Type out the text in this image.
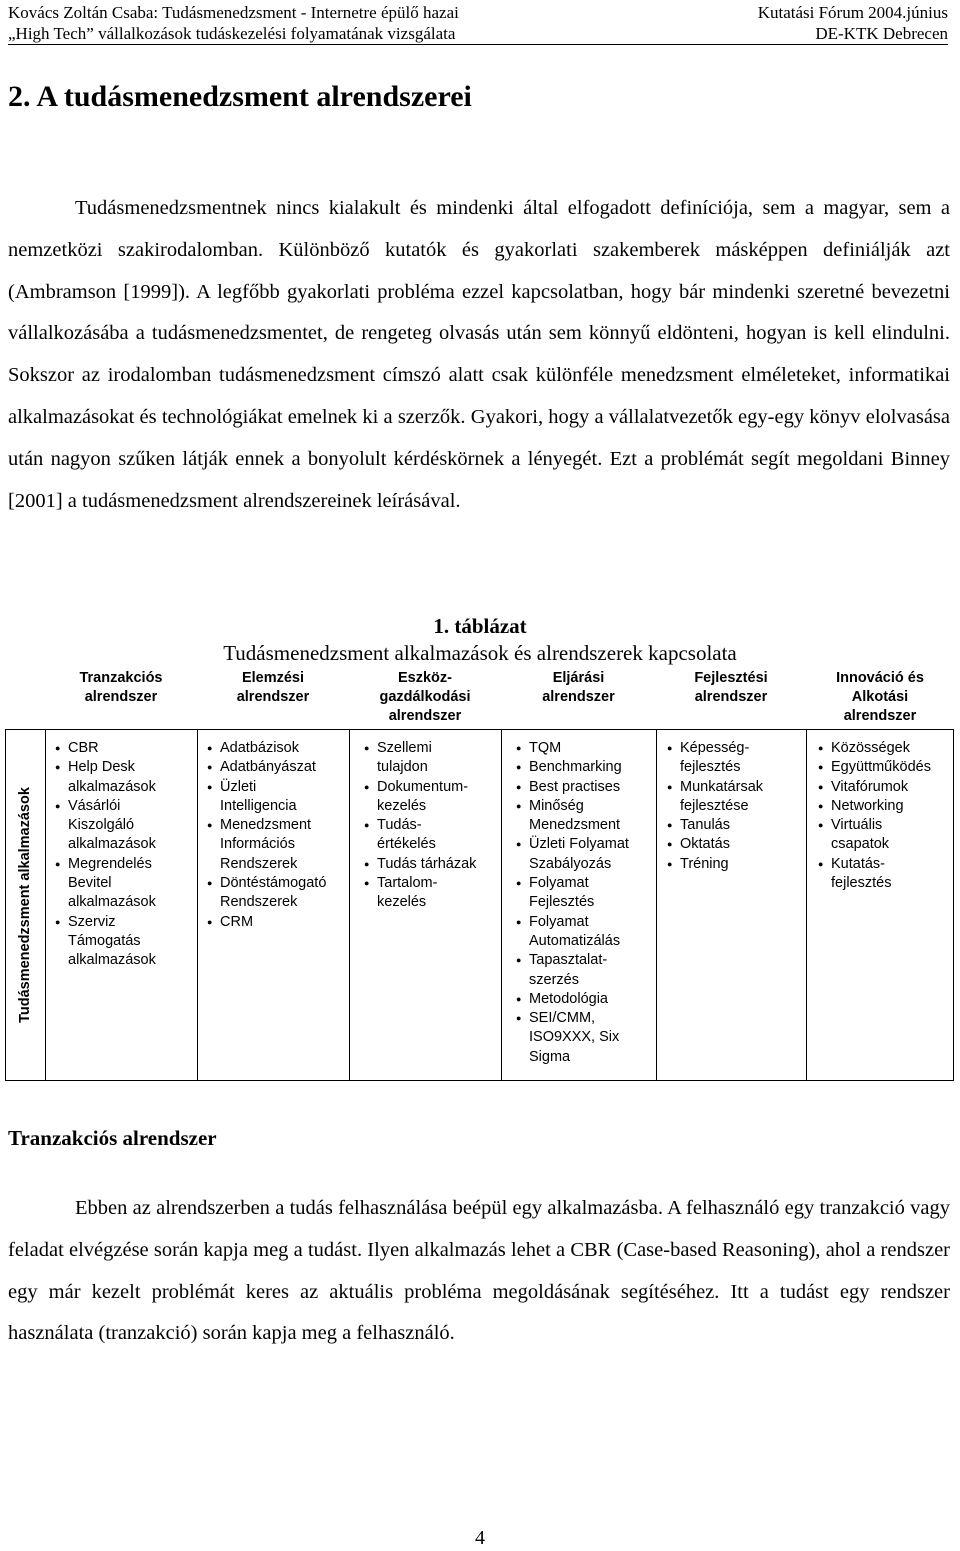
Kovács Zoltán Csaba: Tudásmenedzsment - Internetre épülő hazai
„High Tech” vállalkozások tudáskezelési folyamatának vizsgálata
Kutatási Fórum 2004.június
DE-KTK Debrecen
2. A tudásmenedzsment alrendszerei

Tudásmenedzsmentnek nincs kialakult és mindenki által elfogadott definíciója, sem a magyar, sem a nemzetközi szakirodalomban. Különböző kutatók és gyakorlati szakemberek másképpen definiálják azt (Ambramson [1999]). A legfőbb gyakorlati probléma ezzel kapcsolatban, hogy bár mindenki szeretné bevezetni vállalkozásába a tudásmenedzsmentet, de rengeteg olvasás után sem könnyű eldönteni, hogyan is kell elindulni. Sokszor az irodalomban tudásmenedzsment címszó alatt csak különféle menedzsment elméleteket, informatikai alkalmazásokat és technológiákat emelnek ki a szerzők. Gyakori, hogy a vállalatvezetők egy-egy könyv elolvasása után nagyon szűken látják ennek a bonyolult kérdéskörnek a lényegét. Ezt a problémát segít megoldani Binney [2001] a tudásmenedzsment alrendszereinek leírásával.

1. táblázat
Tudásmenedzsment alkalmazások és alrendszerek kapcsolata
Tranzakciós
alrendszer
Elemzési
alrendszer
Eszköz-
gazdálkodási
alrendszer
Eljárási
alrendszer
Fejlesztési
alrendszer
Innováció és
Alkotási
alrendszer
Tudásmenedzsment alkalmazások
● CBR
● Help Desk
alkalmazások
● Vásárlói
Kiszolgáló
alkalmazások
● Megrendelés
Bevitel
alkalmazások
● Szerviz
Támogatás
alkalmazások
● Adatbázisok
● Adatbányászat
● Üzleti
Intelligencia
● Menedzsment
Információs
Rendszerek
● Döntéstámogató
Rendszerek
● CRM
● Szellemi
tulajdon
● Dokumentum-
kezelés
● Tudás-
értékelés
● Tudás tárházak
● Tartalom-
kezelés
● TQM
● Benchmarking
● Best practises
● Minőség
Menedzsment
● Üzleti Folyamat
Szabályozás
● Folyamat
Fejlesztés
● Folyamat
Automatizálás
● Tapasztalat-
szerzés
● Metodológia
● SEI/CMM,
ISO9XXX, Six
Sigma
● Képesség-
fejlesztés
● Munkatársak
fejlesztése
● Tanulás
● Oktatás
● Tréning
● Közösségek
● Együttműködés
● Vitafórumok
● Networking
● Virtuális
csapatok
● Kutatás-
fejlesztés
Tranzakciós alrendszer

Ebben az alrendszerben a tudás felhasználása beépül egy alkalmazásba. A felhasználó egy tranzakció vagy feladat elvégzése során kapja meg a tudást. Ilyen alkalmazás lehet a CBR (Case-based Reasoning), ahol a rendszer egy már kezelt problémát keres az aktuális probléma megoldásának segítéséhez. Itt a tudást egy rendszer használata (tranzakció) során kapja meg a felhasználó.

4
